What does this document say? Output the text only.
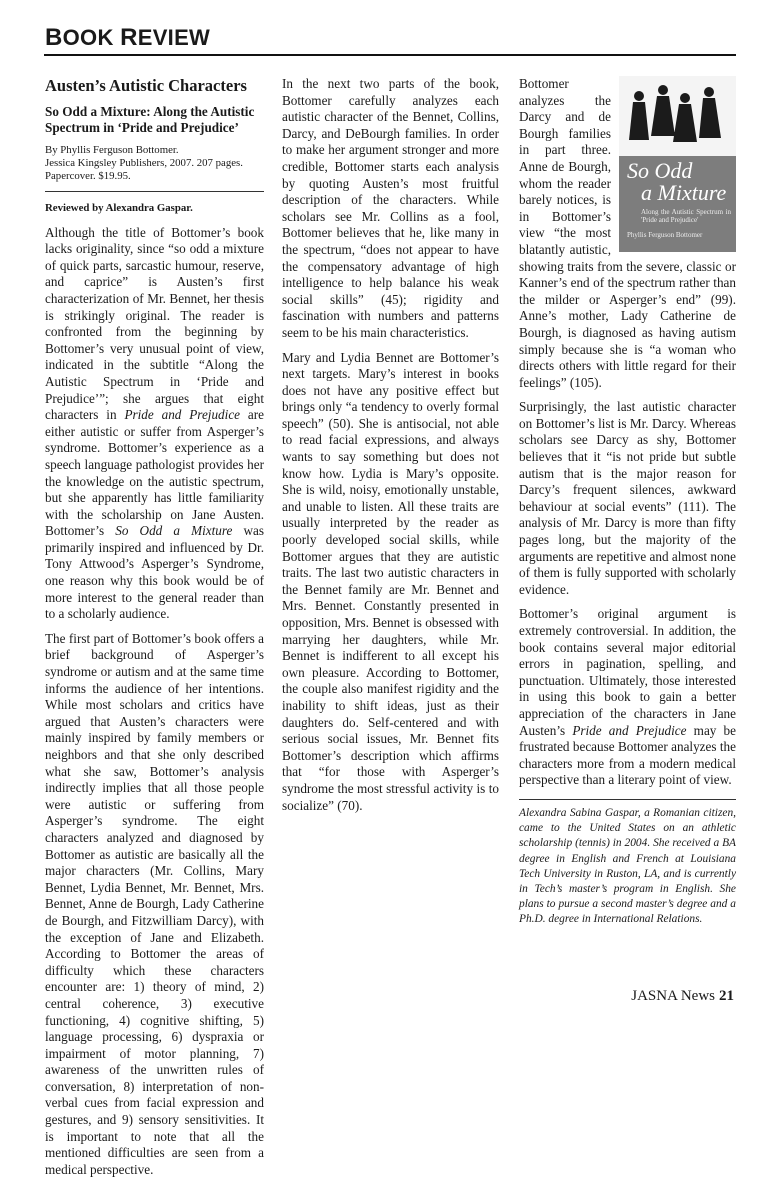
BOOK REVIEW
Austen’s Autistic Characters
So Odd a Mixture: Along the Autistic Spectrum in ‘Pride and Prejudice’
By Phyllis Ferguson Bottomer.
Jessica Kingsley Publishers, 2007. 207 pages.
Papercover. $19.95.
Reviewed by Alexandra Gaspar.

Although the title of Bottomer’s book lacks originality, since “so odd a mixture of quick parts, sarcastic humour, reserve, and caprice” is Austen’s first characterization of Mr. Bennet, her thesis is strikingly original. The reader is confronted from the beginning by Bottomer’s very unusual point of view, indicated in the subtitle “Along the Autistic Spectrum in ‘Pride and Prejudice’”; she argues that eight characters in Pride and Prejudice are either autistic or suffer from Asperger’s syndrome. Bottomer’s experience as a speech language pathologist provides her the knowledge on the autistic spectrum, but she apparently has little familiarity with the scholarship on Jane Austen. Bottomer’s So Odd a Mixture was primarily inspired and influenced by Dr. Tony Attwood’s Asperger’s Syndrome, one reason why this book would be of more interest to the general reader than to a scholarly audience.

The first part of Bottomer’s book offers a brief background of Asperger’s syndrome or autism and at the same time informs the audience of her intentions. While most scholars and critics have argued that Austen’s characters were mainly inspired by family members or neighbors and that she only described what she saw, Bottomer’s analysis indirectly implies that all those people were autistic or suffering from Asperger’s syndrome. The eight characters analyzed and diagnosed by Bottomer as autistic are basically all the major characters (Mr. Collins, Mary Bennet, Lydia Bennet, Mr. Bennet, Mrs. Bennet, Anne de Bourgh, Lady Catherine de Bourgh, and Fitzwilliam Darcy), with the exception of Jane and Elizabeth. According to Bottomer the areas of difficulty which these characters encounter are: 1) theory of mind, 2) central coherence, 3) executive functioning, 4) cognitive shifting, 5) language processing, 6) dyspraxia or impairment of motor planning, 7) awareness of the unwritten rules of conversation, 8) interpretation of non-verbal cues from facial expression and gestures, and 9) sensory sensitivities. It is important to note that all the mentioned difficulties are seen from a medical perspective.

In the next two parts of the book, Bottomer carefully analyzes each autistic character of the Bennet, Collins, Darcy, and DeBourgh families. In order to make her argument stronger and more credible, Bottomer starts each analysis by quoting Austen’s most fruitful description of the characters. While scholars see Mr. Collins as a fool, Bottomer believes that he, like many in the spectrum, “does not appear to have the compensatory advantage of high intelligence to help balance his weak social skills” (45); rigidity and fascination with numbers and patterns seem to be his main characteristics.

Mary and Lydia Bennet are Bottomer’s next targets. Mary’s interest in books does not have any positive effect but brings only “a tendency to overly formal speech” (50). She is antisocial, not able to read facial expressions, and always wants to say something but does not know how. Lydia is Mary’s opposite. She is wild, noisy, emotionally unstable, and unable to listen. All these traits are usually interpreted by the reader as poorly developed social skills, while Bottomer argues that they are autistic traits. The last two autistic characters in the Bennet family are Mr. Bennet and Mrs. Bennet. Constantly presented in opposition, Mrs. Bennet is obsessed with marrying her daughters, while Mr. Bennet is indifferent to all except his own pleasure. According to Bottomer, the couple also manifest rigidity and the inability to shift ideas, just as their daughters do. Self-centered and with serious social issues, Mr. Bennet fits Bottomer’s description which affirms that “for those with Asperger’s syndrome the most stressful activity is to socialize” (70).

So Odd
a Mixture
Along the Autistic Spectrum in 'Pride and Prejudice'
Phyllis Ferguson Bottomer

Bottomer analyzes the Darcy and de Bourgh families in part three. Anne de Bourgh, whom the reader barely notices, is in Bottomer’s view “the most blatantly autistic, showing traits from the severe, classic or Kanner’s end of the spectrum rather than the milder or Asperger’s end” (99). Anne’s mother, Lady Catherine de Bourgh, is diagnosed as having autism simply because she is “a woman who directs others with little regard for their feelings” (105).

Surprisingly, the last autistic character on Bottomer’s list is Mr. Darcy. Whereas scholars see Darcy as shy, Bottomer believes that it “is not pride but subtle autism that is the major reason for Darcy’s frequent silences, awkward behaviour at social events” (111). The analysis of Mr. Darcy is more than fifty pages long, but the majority of the arguments are repetitive and almost none of them is fully supported with scholarly evidence.

Bottomer’s original argument is extremely controversial. In addition, the book contains several major editorial errors in pagination, spelling, and punctuation. Ultimately, those interested in using this book to gain a better appreciation of the characters in Jane Austen’s Pride and Prejudice may be frustrated because Bottomer analyzes the characters more from a modern medical perspective than a literary point of view.

Alexandra Sabina Gaspar, a Romanian citizen, came to the United States on an athletic scholarship (tennis) in 2004. She received a BA degree in English and French at Louisiana Tech University in Ruston, LA, and is currently in Tech’s master’s program in English. She plans to pursue a second master’s degree and a Ph.D. degree in International Relations.
JASNA News 21
